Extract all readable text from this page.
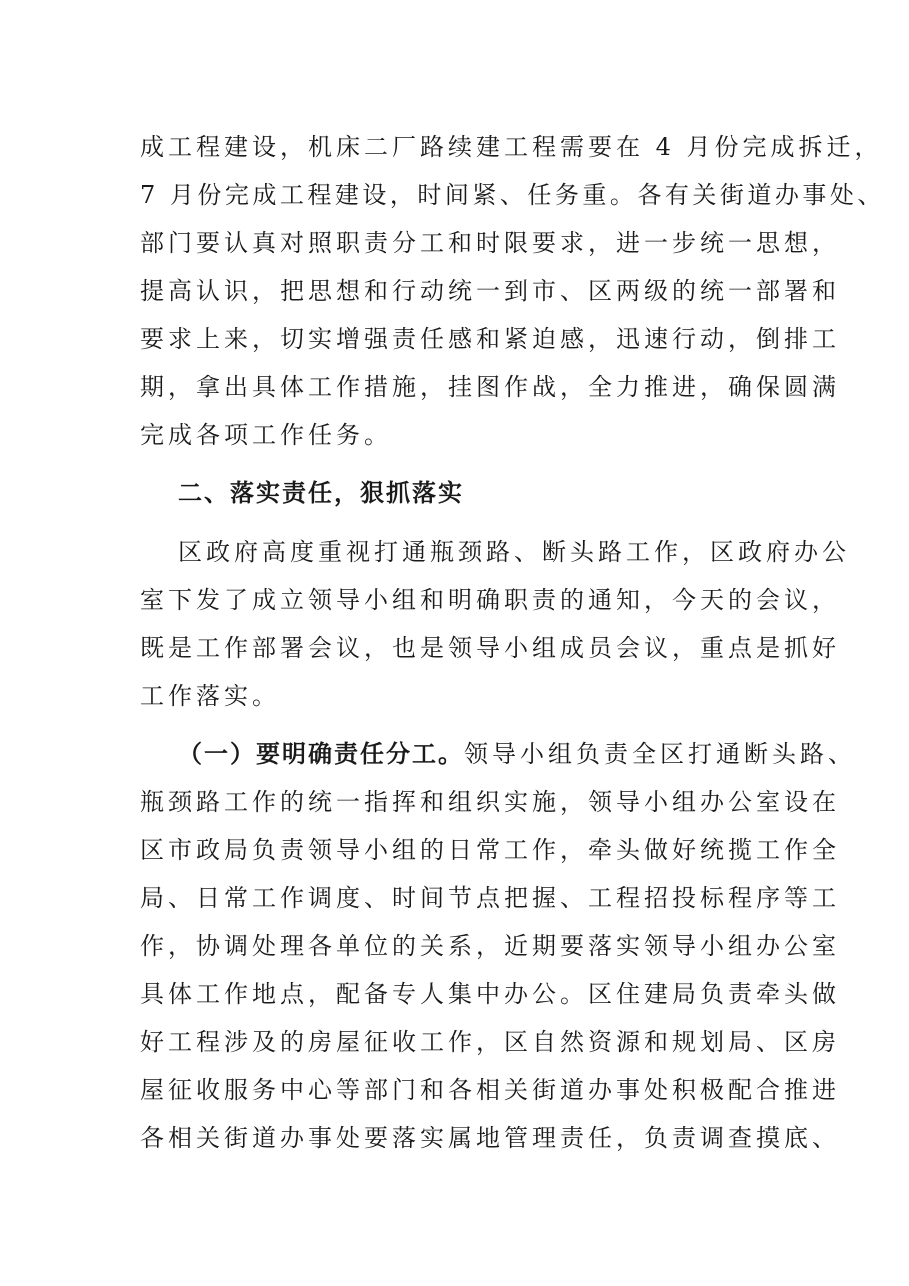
成工程建设，机床二厂路续建工程需要在 4 月份完成拆迁，
7 月份完成工程建设，时间紧、任务重。各有关街道办事处、
部门要认真对照职责分工和时限要求，进一步统一思想，
提高认识，把思想和行动统一到市、区两级的统一部署和
要求上来，切实增强责任感和紧迫感，迅速行动，倒排工
期，拿出具体工作措施，挂图作战，全力推进，确保圆满
完成各项工作任务。
二、落实责任，狠抓落实
区政府高度重视打通瓶颈路、断头路工作，区政府办公
室下发了成立领导小组和明确职责的通知，今天的会议，
既是工作部署会议，也是领导小组成员会议，重点是抓好
工作落实。
（一）要明确责任分工。领导小组负责全区打通断头路、
瓶颈路工作的统一指挥和组织实施，领导小组办公室设在
区市政局负责领导小组的日常工作，牵头做好统揽工作全
局、日常工作调度、时间节点把握、工程招投标程序等工
作，协调处理各单位的关系，近期要落实领导小组办公室
具体工作地点，配备专人集中办公。区住建局负责牵头做
好工程涉及的房屋征收工作，区自然资源和规划局、区房
屋征收服务中心等部门和各相关街道办事处积极配合推进
各相关街道办事处要落实属地管理责任，负责调查摸底、
